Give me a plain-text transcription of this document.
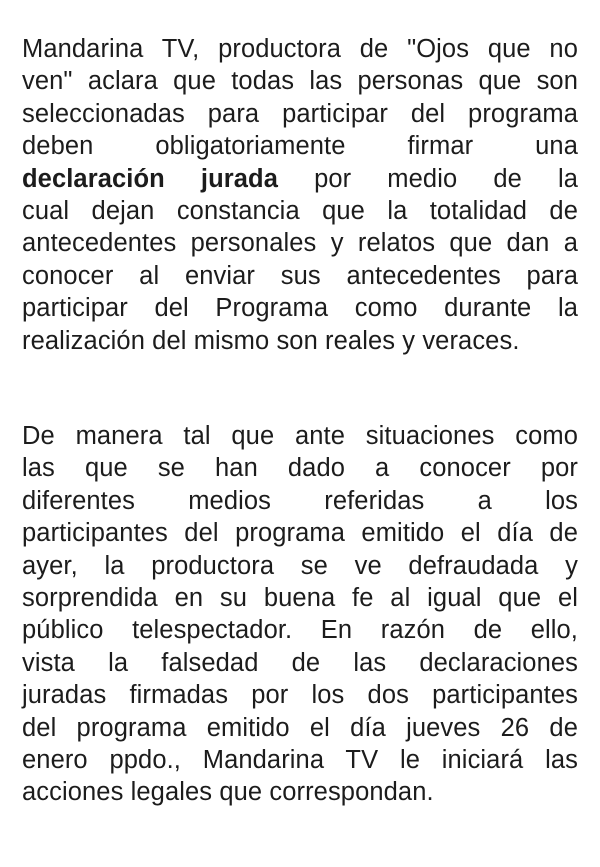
Mandarina TV, productora de "Ojos que no
ven" aclara que todas las personas que son
seleccionadas para participar del programa
deben obligatoriamente firmar una
declaración jurada por medio de la
cual dejan constancia que la totalidad de
antecedentes personales y relatos que dan a
conocer al enviar sus antecedentes para
participar del Programa como durante la
realización del mismo son reales y veraces.
De manera tal que ante situaciones como
las que se han dado a conocer por
diferentes medios referidas a los
participantes del programa emitido el día de
ayer, la productora se ve defraudada y
sorprendida en su buena fe al igual que el
público telespectador. En razón de ello,
vista la falsedad de las declaraciones
juradas firmadas por los dos participantes
del programa emitido el día jueves 26 de
enero ppdo., Mandarina TV le iniciará las
acciones legales que correspondan.
